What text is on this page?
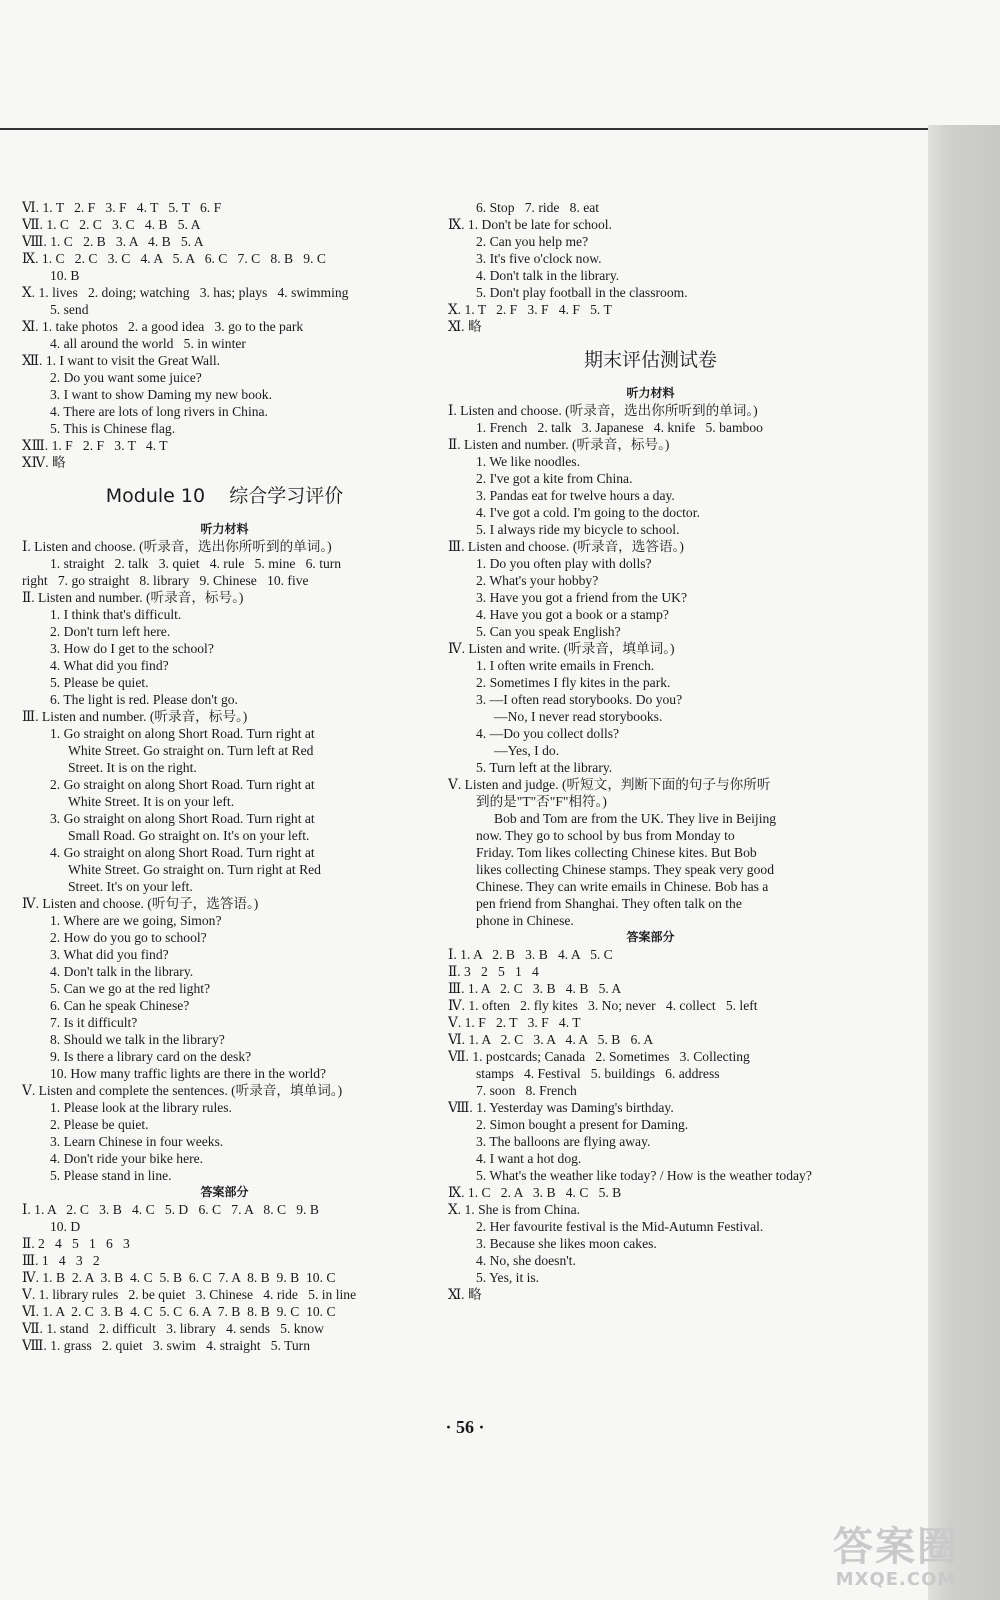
Ⅵ. 1. T   2. F   3. F   4. T   5. T   6. F
Ⅶ. 1. C   2. C   3. C   4. B   5. A
Ⅷ. 1. C   2. B   3. A   4. B   5. A
Ⅸ. 1. C   2. C   3. C   4. A   5. A   6. C   7. C   8. B   9. C
10. B
Ⅹ. 1. lives   2. doing; watching   3. has; plays   4. swimming
5. send
Ⅺ. 1. take photos   2. a good idea   3. go to the park
4. all around the world   5. in winter
Ⅻ. 1. I want to visit the Great Wall.
2. Do you want some juice?
3. I want to show Daming my new book.
4. There are lots of long rivers in China.
5. This is Chinese flag.
ⅩⅢ. 1. F   2. F   3. T   4. T
ⅩⅣ. 略
Module 10    综合学习评价
听力材料
Ⅰ. Listen and choose. (听录音，选出你所听到的单词。)
1. straight   2. talk   3. quiet   4. rule   5. mine   6. turn
right   7. go straight   8. library   9. Chinese   10. five
Ⅱ. Listen and number. (听录音，标号。)
1. I think that's difficult.
2. Don't turn left here.
3. How do I get to the school?
4. What did you find?
5. Please be quiet.
6. The light is red. Please don't go.
Ⅲ. Listen and number. (听录音，标号。)
1. Go straight on along Short Road. Turn right at
White Street. Go straight on. Turn left at Red
Street. It is on the right.
2. Go straight on along Short Road. Turn right at
White Street. It is on your left.
3. Go straight on along Short Road. Turn right at
Small Road. Go straight on. It's on your left.
4. Go straight on along Short Road. Turn right at
White Street. Go straight on. Turn right at Red
Street. It's on your left.
Ⅳ. Listen and choose. (听句子，选答语。)
1. Where are we going, Simon?
2. How do you go to school?
3. What did you find?
4. Don't talk in the library.
5. Can we go at the red light?
6. Can he speak Chinese?
7. Is it difficult?
8. Should we talk in the library?
9. Is there a library card on the desk?
10. How many traffic lights are there in the world?
Ⅴ. Listen and complete the sentences. (听录音，填单词。)
1. Please look at the library rules.
2. Please be quiet.
3. Learn Chinese in four weeks.
4. Don't ride your bike here.
5. Please stand in line.
答案部分
Ⅰ. 1. A   2. C   3. B   4. C   5. D   6. C   7. A   8. C   9. B
10. D
Ⅱ. 2   4   5   1   6   3
Ⅲ. 1   4   3   2
Ⅳ. 1. B  2. A  3. B  4. C  5. B  6. C  7. A  8. B  9. B  10. C
Ⅴ. 1. library rules   2. be quiet   3. Chinese   4. ride   5. in line
Ⅵ. 1. A  2. C  3. B  4. C  5. C  6. A  7. B  8. B  9. C  10. C
Ⅶ. 1. stand   2. difficult   3. library   4. sends   5. know
Ⅷ. 1. grass   2. quiet   3. swim   4. straight   5. Turn
6. Stop   7. ride   8. eat
Ⅸ. 1. Don't be late for school.
2. Can you help me?
3. It's five o'clock now.
4. Don't talk in the library.
5. Don't play football in the classroom.
Ⅹ. 1. T   2. F   3. F   4. F   5. T
Ⅺ. 略
期末评估测试卷
听力材料
Ⅰ. Listen and choose. (听录音，选出你所听到的单词。)
1. French   2. talk   3. Japanese   4. knife   5. bamboo
Ⅱ. Listen and number. (听录音，标号。)
1. We like noodles.
2. I've got a kite from China.
3. Pandas eat for twelve hours a day.
4. I've got a cold. I'm going to the doctor.
5. I always ride my bicycle to school.
Ⅲ. Listen and choose. (听录音，选答语。)
1. Do you often play with dolls?
2. What's your hobby?
3. Have you got a friend from the UK?
4. Have you got a book or a stamp?
5. Can you speak English?
Ⅳ. Listen and write. (听录音，填单词。)
1. I often write emails in French.
2. Sometimes I fly kites in the park.
3. —I often read storybooks. Do you?
—No, I never read storybooks.
4. —Do you collect dolls?
—Yes, I do.
5. Turn left at the library.
Ⅴ. Listen and judge. (听短文，判断下面的句子与你所听
到的是"T"否"F"相符。)
Bob and Tom are from the UK. They live in Beijing
now. They go to school by bus from Monday to
Friday. Tom likes collecting Chinese kites. But Bob
likes collecting Chinese stamps. They speak very good
Chinese. They can write emails in Chinese. Bob has a
pen friend from Shanghai. They often talk on the
phone in Chinese.
答案部分
Ⅰ. 1. A   2. B   3. B   4. A   5. C
Ⅱ. 3   2   5   1   4
Ⅲ. 1. A   2. C   3. B   4. B   5. A
Ⅳ. 1. often   2. fly kites   3. No; never   4. collect   5. left
Ⅴ. 1. F   2. T   3. F   4. T
Ⅵ. 1. A   2. C   3. A   4. A   5. B   6. A
Ⅶ. 1. postcards; Canada   2. Sometimes   3. Collecting
stamps   4. Festival   5. buildings   6. address
7. soon   8. French
Ⅷ. 1. Yesterday was Daming's birthday.
2. Simon bought a present for Daming.
3. The balloons are flying away.
4. I want a hot dog.
5. What's the weather like today? / How is the weather today?
Ⅸ. 1. C   2. A   3. B   4. C   5. B
Ⅹ. 1. She is from China.
2. Her favourite festival is the Mid-Autumn Festival.
3. Because she likes moon cakes.
4. No, she doesn't.
5. Yes, it is.
Ⅺ. 略
· 56 ·
答案圈
MXQE.COM
